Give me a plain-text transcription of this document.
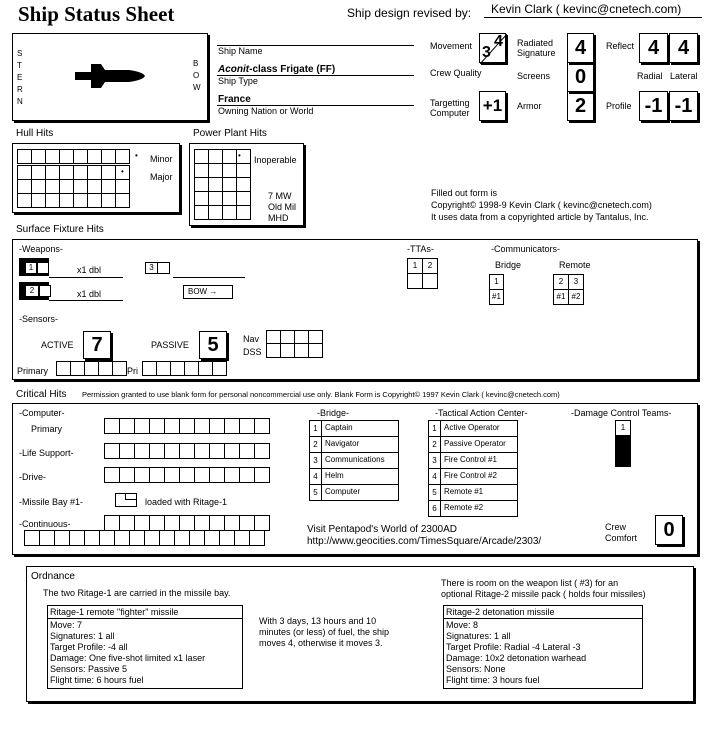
Ship Status Sheet	Ship design revised by: Kevin Clark ( kevinc@cnetech.com)
STERN
BOW
Ship Name
Aconit-class Frigate (FF)
Ship Type
France
Owning Nation or World
Movement 3
4
Crew Quality
Targetting Computer +1
Radiated Signature 4
Screens	0
Armor	2
Reflect 4 4
Radial Lateral
Profile -1 -1
Hull Hits
• Minor
•
Major
Power Plant Hits
• Inoperable
7 MW
Old Mil
MHD
Filled out form is
Copyright© 1998-9 Kevin Clark ( kevinc@cnetech.com)
It uses data from a copyrighted article by Tantalus, Inc.
Surface Fixture Hits
-Weapons-
1	x1 dbl
2	x1 dbl
3
BOW →
-TTAs-
1	2
-Communicators-
Bridge	Remote
1
#1
2	3
#1 #2
-Sensors-
ACTIVE 7	PASSIVE 5	Nav
DSS
Primary	Pri
Critical Hits Permission granted to use blank form for personal noncommercial use only. Blank Form is Copyright© 1997 Kevin Clark ( kevinc@cnetech.com)
-Computer-
Primary
-Life Support-
-Drive-
-Missile Bay #1-	loaded with Ritage-1
-Continuous-
-Bridge-
1 Captain
2 Navigator
3 Communications
4 Helm
5 Computer
-Tactical Action Center-
1 Active Operator
2 Passive Operator
3 Fire Control #1
4 Fire Control #2
5 Remote #1
6 Remote #2
-Damage Control Teams-
1
Visit Pentapod's World of 2300AD
http://www.geocities.com/TimesSquare/Arcade/2303/
Crew Comfort	0
Ordnance
The two Ritage-1 are carried in the missile bay.
There is room on the weapon list ( #3) for an
optional Ritage-2 missile pack ( holds four missiles)
Ritage-1 remote "fighter" missile
Move: 7
Signatures: 1 all
Target Profile: -4 all
Damage: One five-shot limited x1 laser
Sensors: Passive 5
Flight time: 6 hours fuel
With 3 days, 13 hours and 10
minutes (or less) of fuel, the ship
moves 4, otherwise it moves 3.
Ritage-2 detonation missile
Move: 8
Signatures: 1 all
Target Profile: Radial -4 Lateral -3
Damage: 10x2 detonation warhead
Sensors: None
Flight time: 3 hours fuel
